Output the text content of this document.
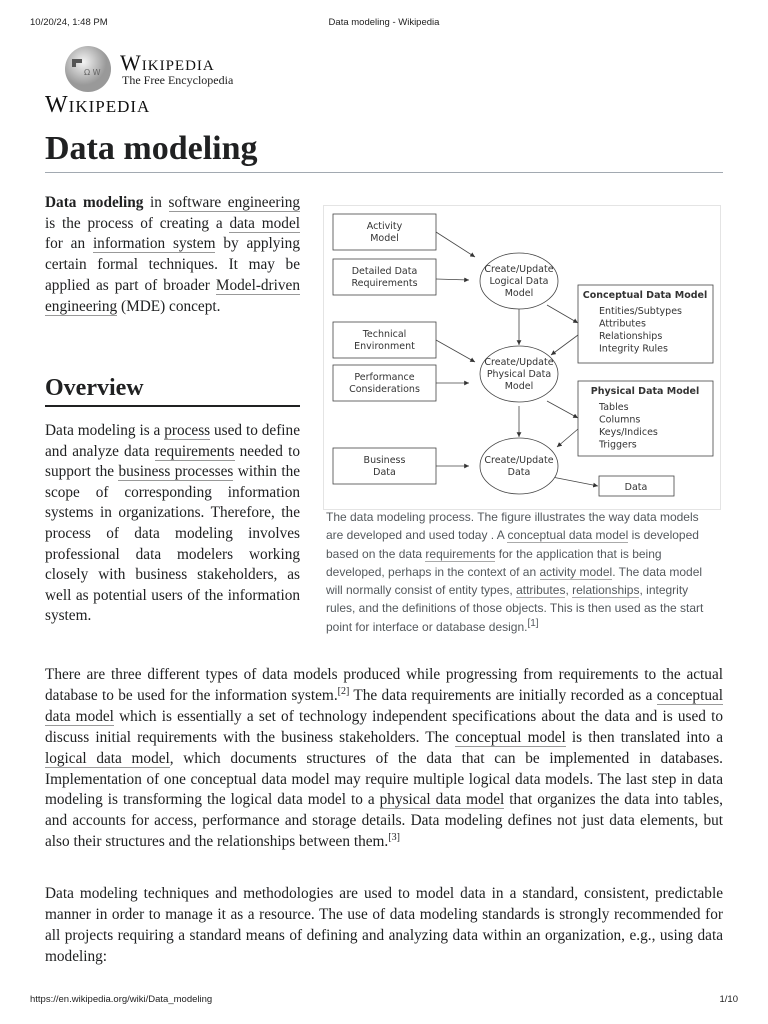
10/20/24, 1:48 PM	Data modeling - Wikipedia
Ω W Wikipedia
The Free Encyclopedia
Wikipedia
Data modeling
Data modeling in software engineering is the process of creating a data model for an information system by applying certain formal techniques. It may be applied as part of broader Model-driven engineering (MDE) concept.
Overview
Data modeling is a process used to define and analyze data requirements needed to support the business processes within the scope of corresponding information systems in organizations. Therefore, the process of data modeling involves professional data modelers working closely with business stakeholders, as well as potential users of the information system.
Activity
Model
Detailed Data
Requirements
Technical
Environment
Performance
Considerations
Business
Data
Create/Update
Logical Data
Model
Create/Update
Physical Data
Model
Create/Update
Data
Conceptual Data Model
Entities/Subtypes
Attributes
Relationships
Integrity Rules
Physical Data Model
Tables
Columns
Keys/Indices
Triggers
Data
The data modeling process. The figure illustrates the way data models are developed and used today . A conceptual data model is developed based on the data requirements for the application that is being developed, perhaps in the context of an activity model. The data model will normally consist of entity types, attributes, relationships, integrity rules, and the definitions of those objects. This is then used as the start point for interface or database design.[1]
There are three different types of data models produced while progressing from requirements to the actual database to be used for the information system.[2] The data requirements are initially recorded as a conceptual data model which is essentially a set of technology independent specifications about the data and is used to discuss initial requirements with the business stakeholders. The conceptual model is then translated into a logical data model, which documents structures of the data that can be implemented in databases. Implementation of one conceptual data model may require multiple logical data models. The last step in data modeling is transforming the logical data model to a physical data model that organizes the data into tables, and accounts for access, performance and storage details. Data modeling defines not just data elements, but also their structures and the relationships between them.[3]
Data modeling techniques and methodologies are used to model data in a standard, consistent, predictable manner in order to manage it as a resource. The use of data modeling standards is strongly recommended for all projects requiring a standard means of defining and analyzing data within an organization, e.g., using data modeling:
https://en.wikipedia.org/wiki/Data_modeling	1/10
